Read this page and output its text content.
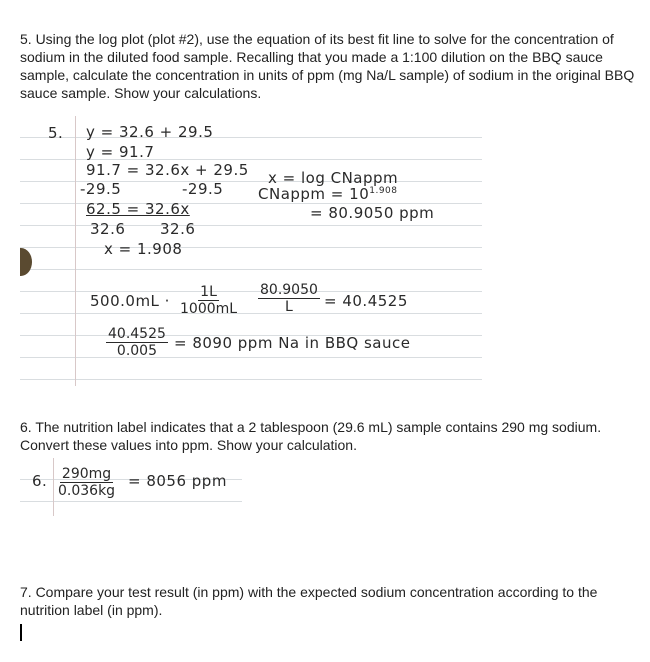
5. Using the log plot (plot #2), use the equation of its best fit line to solve for the concentration of sodium in the diluted food sample. Recalling that you made a 1:100 dilution on the BBQ sauce sample, calculate the concentration in units of ppm (mg Na/L sample) of sodium in the original BBQ sauce sample. Show your calculations.
5. y = 32.6 + 29.5
y = 91.7
91.7 = 32.6x + 29.5
-29.5	-29.5
62.5 = 32.6x
32.6 32.6
x = 1.908
x = log CNappm
CNappm = $10^{1.908}$
= 80.9050 ppm
$500.0mL \cdot \frac{1L}{1000mL} \frac{80.9050}{L} = 40.4525$
$\frac{40.4525}{0.005} = 8090$ ppm Na in BBQ sauce
6. The nutrition label indicates that a 2 tablespoon (29.6 mL) sample contains 290 mg sodium. Convert these values into ppm. Show your calculation.
6. $\frac{290mg}{0.036kg} = 8056$ ppm
7. Compare your test result (in ppm) with the expected sodium concentration according to the nutrition label (in ppm).
